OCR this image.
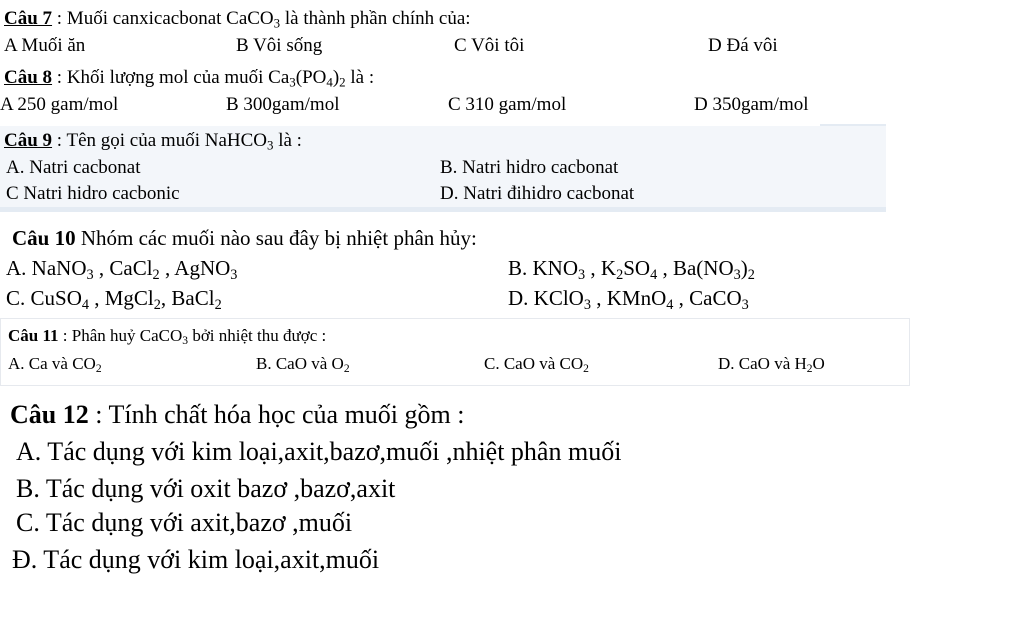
Câu 7 : Muối canxicacbonat CaCO$_3$ là thành phần chính của:
A Muối ăn	B Vôi sống	C Vôi tôi	D Đá vôi
Câu 8 : Khối lượng mol của muối $Ca_3(PO_4)_2$ là :
A 250 gam/mol	B 300gam/mol	C 310 gam/mol	D 350gam/mol
Câu 9 : Tên gọi của muối NaHCO$_3$ là :
A. Natri cacbonat	B. Natri hidro cacbonat
C Natri hidro cacbonic	D. Natri đihidro cacbonat
Câu 10 Nhóm các muối nào sau đây bị nhiệt phân hủy:
A. NaNO$_3$ , CaCl$_2$ , AgNO$_3$	B. $KNO_3$ , $K_2SO_4$ , $Ba(NO_3)_2$
C. CuSO$_4$ , MgCl$_2$, BaCl$_2$	D. KClO$_3$ , KMnO$_4$ , CaCO$_3$
Câu 11 : Phân huỷ CaCO$_3$ bởi nhiệt thu được :
A. Ca và $CO_2$	B. CaO và $O_2$	C. CaO và $CO_2$	D. CaO và $H_2O$
Câu 12 : Tính chất hóa học của muối gồm :
A. Tác dụng với kim loại,axit,bazơ,muối ,nhiệt phân muối
B. Tác dụng với oxit bazơ ,bazơ,axit
C. Tác dụng với axit,bazơ ,muối
Đ. Tác dụng với kim loại,axit,muối
